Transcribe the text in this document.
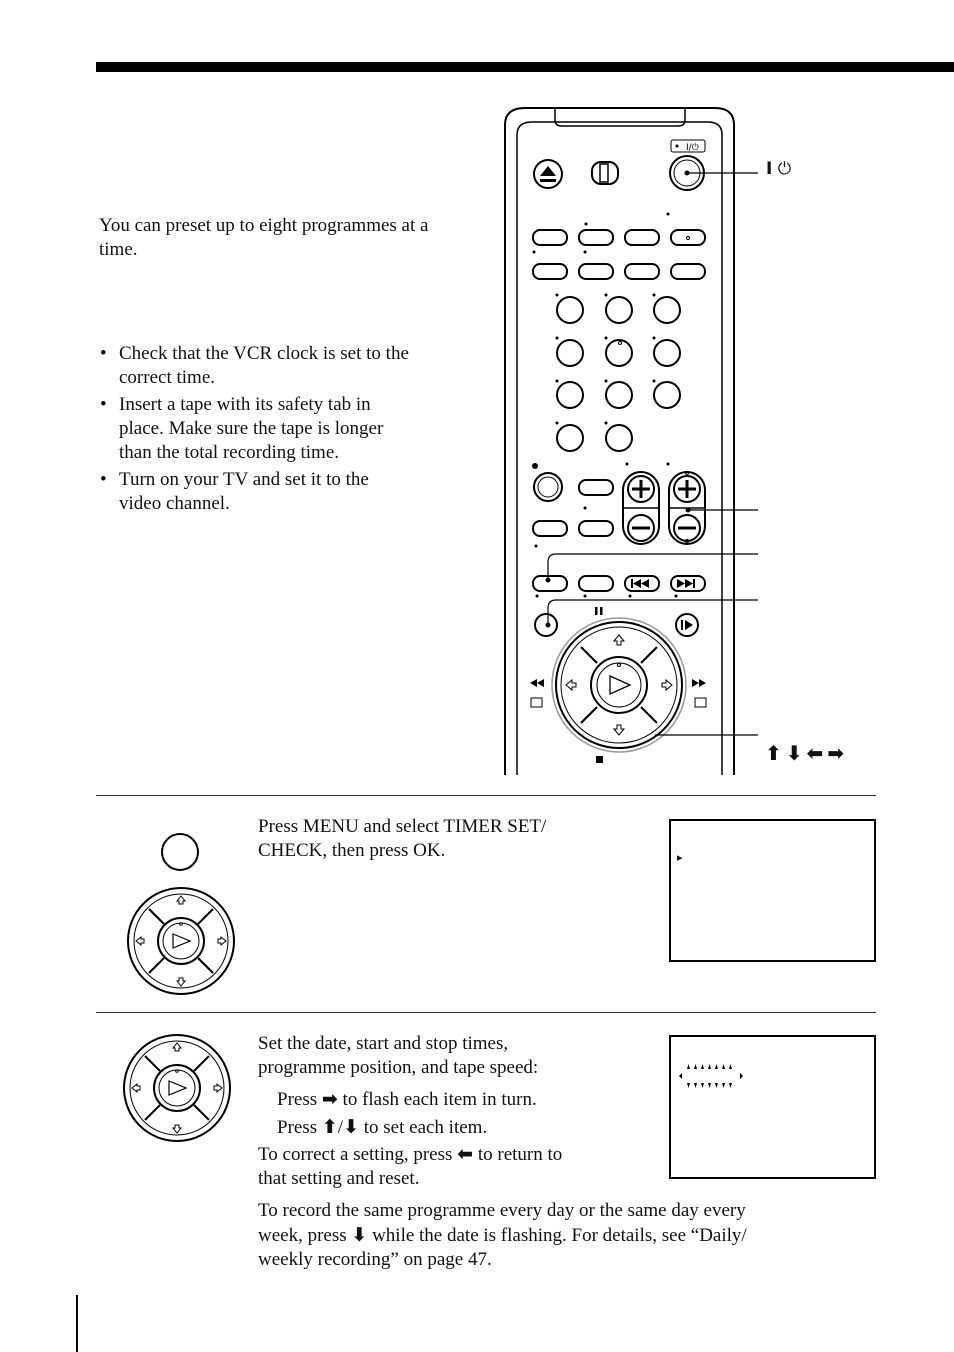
You can preset up to eight programmes at a time.
• Check that the VCR clock is set to the
correct time.
• Insert a tape with its safety tab in
place. Make sure the tape is longer
than the total recording time.
• Turn on your TV and set it to the
video channel.
I/⏻
I ⏻
⬆⬇⬅➡
Press MENU and select TIMER SET/
CHECK, then press OK.	▸
Set the date, start and stop times,
programme position, and tape speed:
Press ➡ to flash each item in turn.
Press ⬆/⬇ to set each item.
To correct a setting, press ⬅ to return to
that setting and reset.
To record the same programme every day or the same day every
week, press ⬇ while the date is flashing. For details, see “Daily/
weekly recording” on page 47.
